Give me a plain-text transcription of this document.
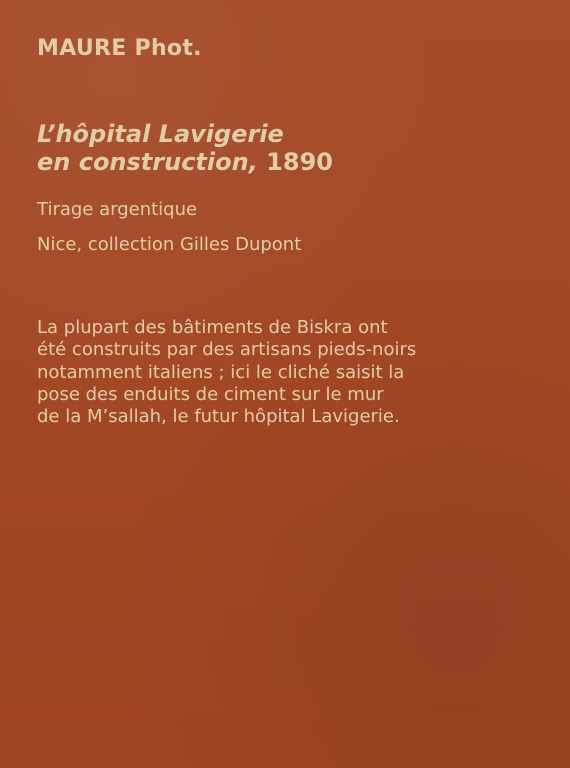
MAURE Phot.
L’hôpital Lavigerie
en construction, 1890
Tirage argentique
Nice, collection Gilles Dupont
La plupart des bâtiments de Biskra ont
été construits par des artisans pieds-noirs
notamment italiens ; ici le cliché saisit la
pose des enduits de ciment sur le mur
de la M’sallah, le futur hôpital Lavigerie.
